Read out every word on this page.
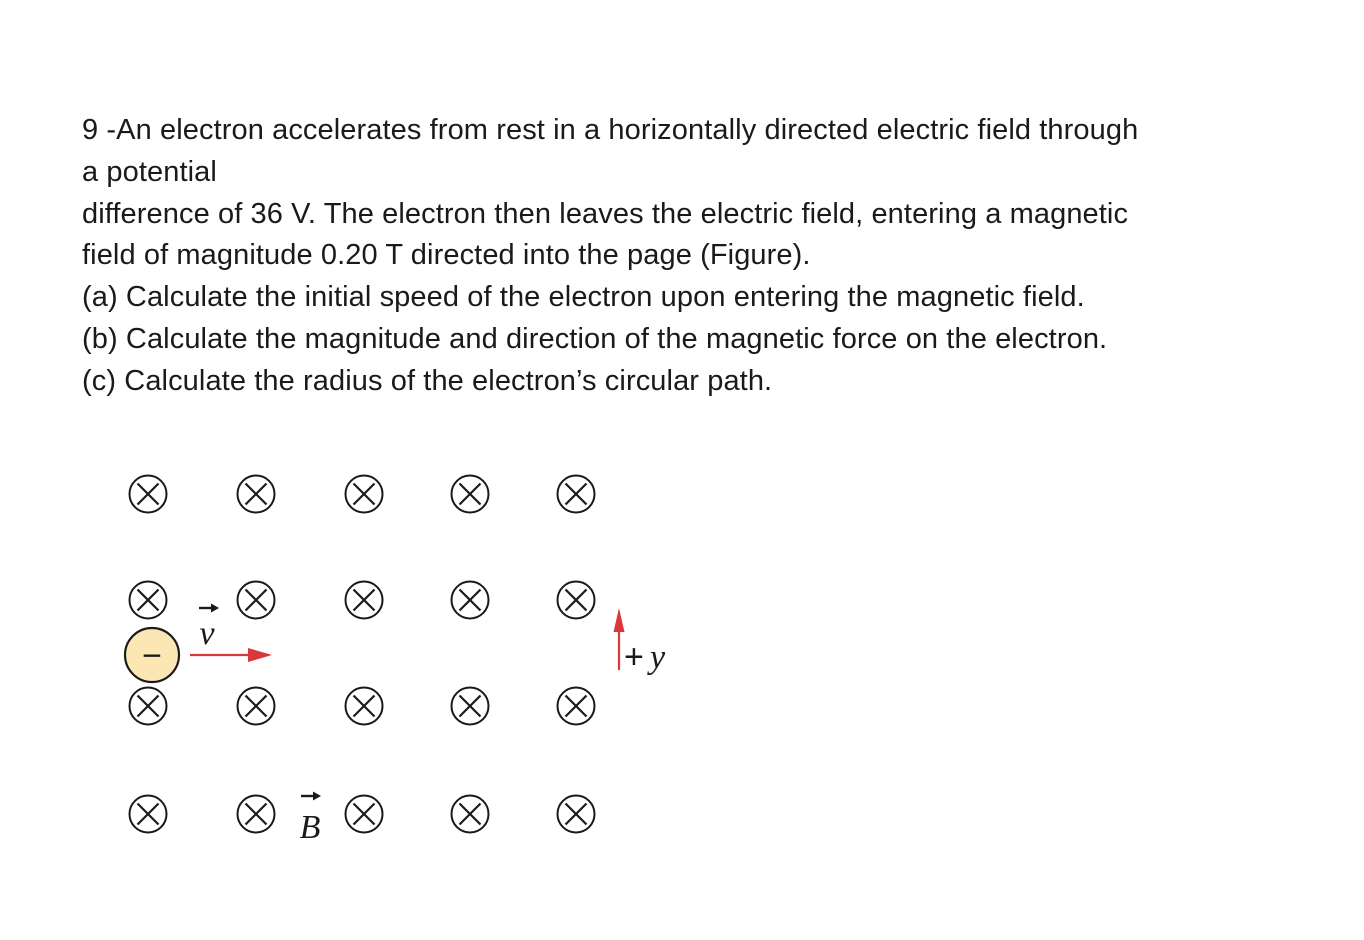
9 -An electron accelerates from rest in a horizontally directed electric field through
a potential
difference of 36 V. The electron then leaves the electric field, entering a magnetic
field of magnitude 0.20 T directed into the page (Figure).
(a) Calculate the initial speed of the electron upon entering the magnetic field.
(b) Calculate the magnitude and direction of the magnetic force on the electron.
(c) Calculate the radius of the electron’s circular path.
−
v
B
+ y
